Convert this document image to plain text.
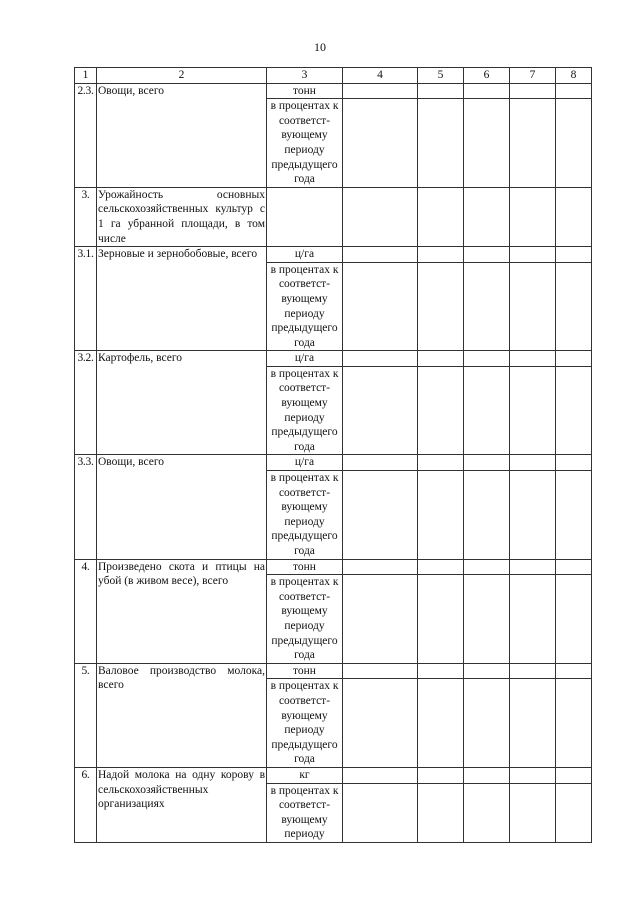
10
1	2	3	4	5	6	7	8
2.3.	Овощи, всего	тонн					
		в процентах к соответст-вующему периоду предыдущего года					
3.	Урожайность основных сельскохозяйственных культур с 1 га убранной площади, в том числе						
3.1.	Зерновые и зернобобовые, всего	ц/га					
		в процентах к соответст-вующему периоду предыдущего года					
3.2.	Картофель, всего	ц/га					
		в процентах к соответст-вующему периоду предыдущего года					
3.3.	Овощи, всего	ц/га					
		в процентах к соответст-вующему периоду предыдущего года					
4.	Произведено скота и птицы на убой (в живом весе), всего	тонн					
		в процентах к соответст-вующему периоду предыдущего года					
5.	Валовое производство молока, всего	тонн					
		в процентах к соответст-вующему периоду предыдущего года					
6.	Надой молока на одну корову в сельскохозяйственных организациях	кг					
		в процентах к соответст-вующему периоду					
